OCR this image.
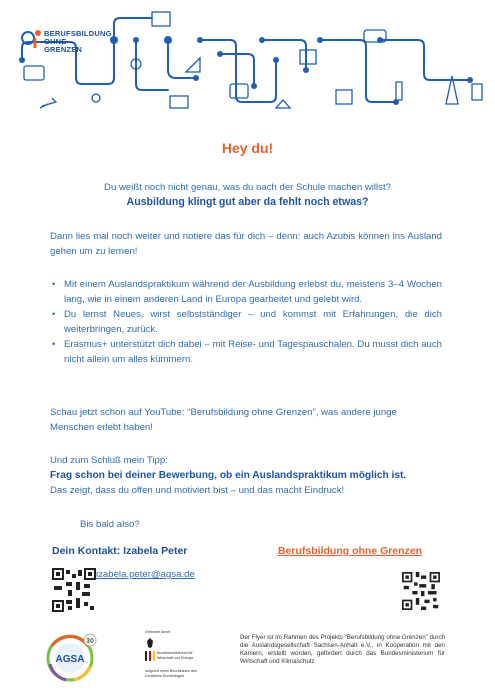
BERUFSBILDUNG
OHNE
GRENZEN
Hey du!
Du weißt noch nicht genau, was du nach der Schule machen willst?
Ausbildung klingt gut aber da fehlt noch etwas?
Dann lies mal noch weiter und notiere das für dich – denn: auch Azubis können ins Ausland gehen um zu lernen!
• Mit einem Auslandspraktikum während der Ausbildung erlebst du, meistens 3–4 Wochen lang, wie in einem anderen Land in Europa gearbeitet und gelebt wird.
• Du lernst Neues, wirst selbstständiger – und kommst mit Erfahrungen, die dich weiterbringen, zurück.
• Erasmus+ unterstützt dich dabei – mit Reise- und Tagespauschalen. Du musst dich auch nicht allein um alles kümmern.
Schau jetzt schon auf YouTube: “Berufsbildung ohne Grenzen”, was andere junge Menschen erlebt haben!
Und zum Schluß mein Tipp:
Frag schon bei deiner Bewerbung, ob ein Auslandspraktikum möglich ist.
Das zeigt, dass du offen und motiviert bist – und das macht Eindruck!
Bis bald also?
Dein Kontakt: Izabela Peter	Berufsbildung ohne Grenzen
izabela.peter@agsa.de
AGSA
30
Gefördert durch:
Bundesministerium für Wirtschaft und Energie
aufgrund eines Beschlusses des Deutschen Bundestages
Der Flyer ist im Rahmen des Projekts “Berufsbildung ohne Grenzen” durch die Auslandsgesellschaft Sachsen-Anhalt e.V., in Kooperation mit den Kamern, erstellt worden, gefördert durch das Bundesministerium für Wirtschaft und Klimaschutz
